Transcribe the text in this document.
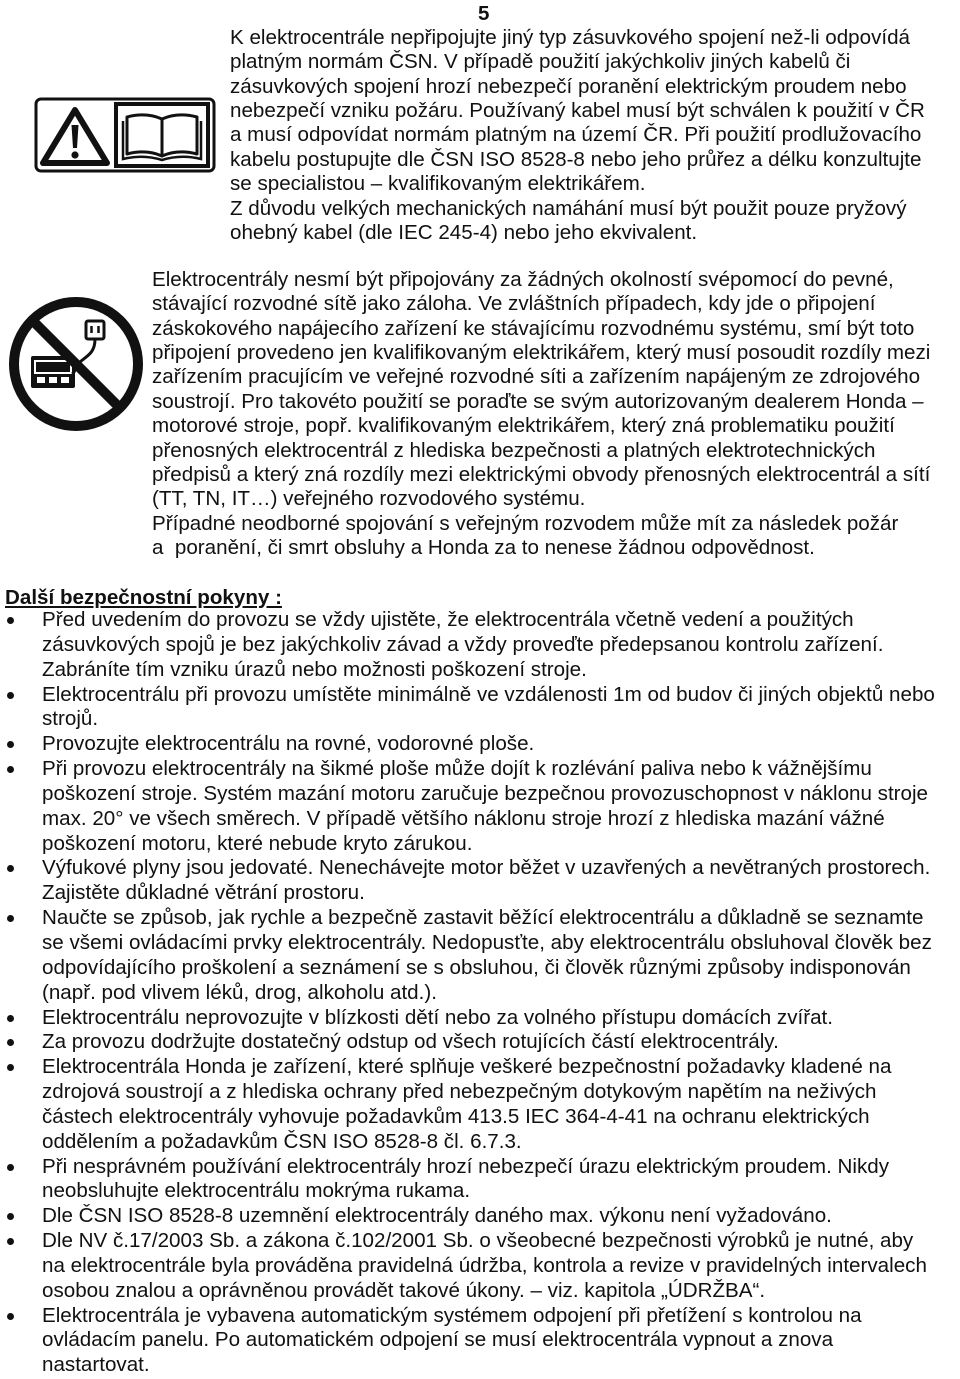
5
K elektrocentrále nepřipojujte jiný typ zásuvkového spojení než-li odpovídá
platným normám ČSN. V případě použití jakýchkoliv jiných kabelů či
zásuvkových spojení hrozí nebezpečí poranění elektrickým proudem nebo
nebezpečí vzniku požáru. Používaný kabel musí být schválen k použití v ČR
a musí odpovídat normám platným na území ČR. Při použití prodlužovacího
kabelu postupujte dle ČSN ISO 8528-8 nebo jeho průřez a délku konzultujte
se specialistou – kvalifikovaným elektrikářem.
Z důvodu velkých mechanických namáhání musí být použit pouze pryžový
ohebný kabel (dle IEC 245-4) nebo jeho ekvivalent.
Elektrocentrály nesmí být připojovány za žádných okolností svépomocí do pevné,
stávající rozvodné sítě jako záloha. Ve zvláštních případech, kdy jde o připojení
záskokového napájecího zařízení ke stávajícímu rozvodnému systému, smí být toto
připojení provedeno jen kvalifikovaným elektrikářem, který musí posoudit rozdíly mezi
zařízením pracujícím ve veřejné rozvodné síti a zařízením napájeným ze zdrojového
soustrojí. Pro takovéto použití se poraďte se svým autorizovaným dealerem Honda –
motorové stroje, popř. kvalifikovaným elektrikářem, který zná problematiku použití
přenosných elektrocentrál z hlediska bezpečnosti a platných elektrotechnických
předpisů a který zná rozdíly mezi elektrickými obvody přenosných elektrocentrál a sítí
(TT, TN, IT…) veřejného rozvodového systému.
Případné neodborné spojování s veřejným rozvodem může mít za následek požár
a  poranění, či smrt obsluhy a Honda za to nenese žádnou odpovědnost.
Další bezpečnostní pokyny :
Před uvedením do provozu se vždy ujistěte, že elektrocentrála včetně vedení a použitých
zásuvkových spojů je bez jakýchkoliv závad a vždy proveďte předepsanou kontrolu zařízení.
Zabráníte tím vzniku úrazů nebo možnosti poškození stroje.
Elektrocentrálu při provozu umístěte minimálně ve vzdálenosti 1m od budov či jiných objektů nebo
strojů.
Provozujte elektrocentrálu na rovné, vodorovné ploše.
Při provozu elektrocentrály na šikmé ploše může dojít k rozlévání paliva nebo k vážnějšímu
poškození stroje. Systém mazání motoru zaručuje bezpečnou provozuschopnost v náklonu stroje
max. 20° ve všech směrech. V případě většího náklonu stroje hrozí z hlediska mazání vážné
poškození motoru, které nebude kryto zárukou.
Výfukové plyny jsou jedovaté. Nenechávejte motor běžet v uzavřených a nevětraných prostorech.
Zajistěte důkladné větrání prostoru.
Naučte se způsob, jak rychle a bezpečně zastavit běžící elektrocentrálu a důkladně se seznamte
se všemi ovládacími prvky elektrocentrály. Nedopusťte, aby elektrocentrálu obsluhoval člověk bez
odpovídajícího proškolení a seznámení se s obsluhou, či člověk různými způsoby indisponován
(např. pod vlivem léků, drog, alkoholu atd.).
Elektrocentrálu neprovozujte v blízkosti dětí nebo za volného přístupu domácích zvířat.
Za provozu dodržujte dostatečný odstup od všech rotujících částí elektrocentrály.
Elektrocentrála Honda je zařízení, které splňuje veškeré bezpečnostní požadavky kladené na
zdrojová soustrojí a z hlediska ochrany před nebezpečným dotykovým napětím na neživých
částech elektrocentrály vyhovuje požadavkům 413.5 IEC 364-4-41 na ochranu elektrických
oddělením a požadavkům ČSN ISO 8528-8 čl. 6.7.3.
Při nesprávném používání elektrocentrály hrozí nebezpečí úrazu elektrickým proudem. Nikdy
neobsluhujte elektrocentrálu mokrýma rukama.
Dle ČSN ISO 8528-8 uzemnění elektrocentrály daného max. výkonu není vyžadováno.
Dle NV č.17/2003 Sb. a zákona č.102/2001 Sb. o všeobecné bezpečnosti výrobků je nutné, aby
na elektrocentrále byla prováděna pravidelná údržba, kontrola a revize v pravidelných intervalech
osobou znalou a oprávněnou provádět takové úkony. – viz. kapitola „ÚDRŽBA“.
Elektrocentrála je vybavena automatickým systémem odpojení při přetížení s kontrolou na
ovládacím panelu. Po automatickém odpojení se musí elektrocentrála vypnout a znova
nastartovat.
